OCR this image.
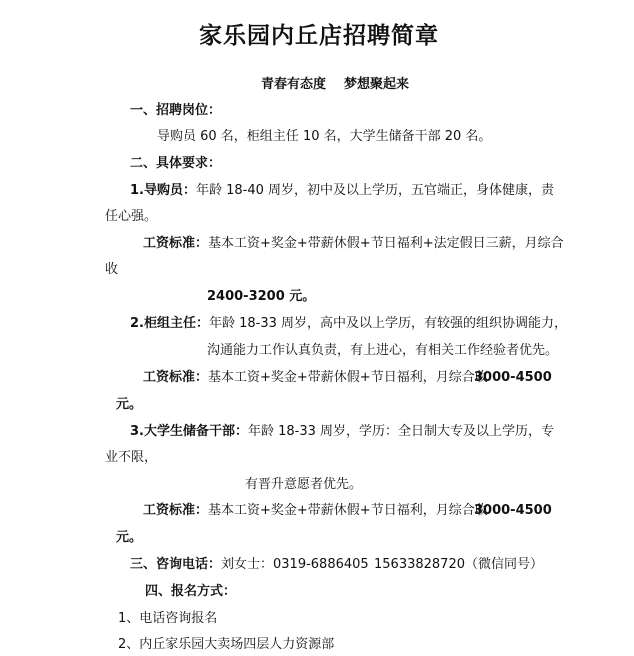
家乐园内丘店招聘简章
青春有态度 梦想聚起来
一、招聘岗位：
导购员 60 名，柜组主任 10 名，大学生储备干部 20 名。
二、具体要求：
1.导购员：年龄 18-40 周岁，初中及以上学历，五官端正，身体健康，责
任心强。
工资标准：基本工资+奖金+带薪休假+节日福利+法定假日三薪，月综合
收
2400-3200 元。
2.柜组主任：年龄 18-33 周岁，高中及以上学历，有较强的组织协调能力，
沟通能力工作认真负责，有上进心，有相关工作经验者优先。
工资标准：基本工资+奖金+带薪休假+节日福利，月综合收
3000-4500
元。
3.大学生储备干部：年龄 18-33 周岁，学历：全日制大专及以上学历，专
业不限，
有晋升意愿者优先。
工资标准：基本工资+奖金+带薪休假+节日福利，月综合收
3000-4500
元。
三、咨询电话：刘女士：0319-6886405 15633828720（微信同号）
四、报名方式：
1、电话咨询报名
2、内丘家乐园大卖场四层人力资源部
